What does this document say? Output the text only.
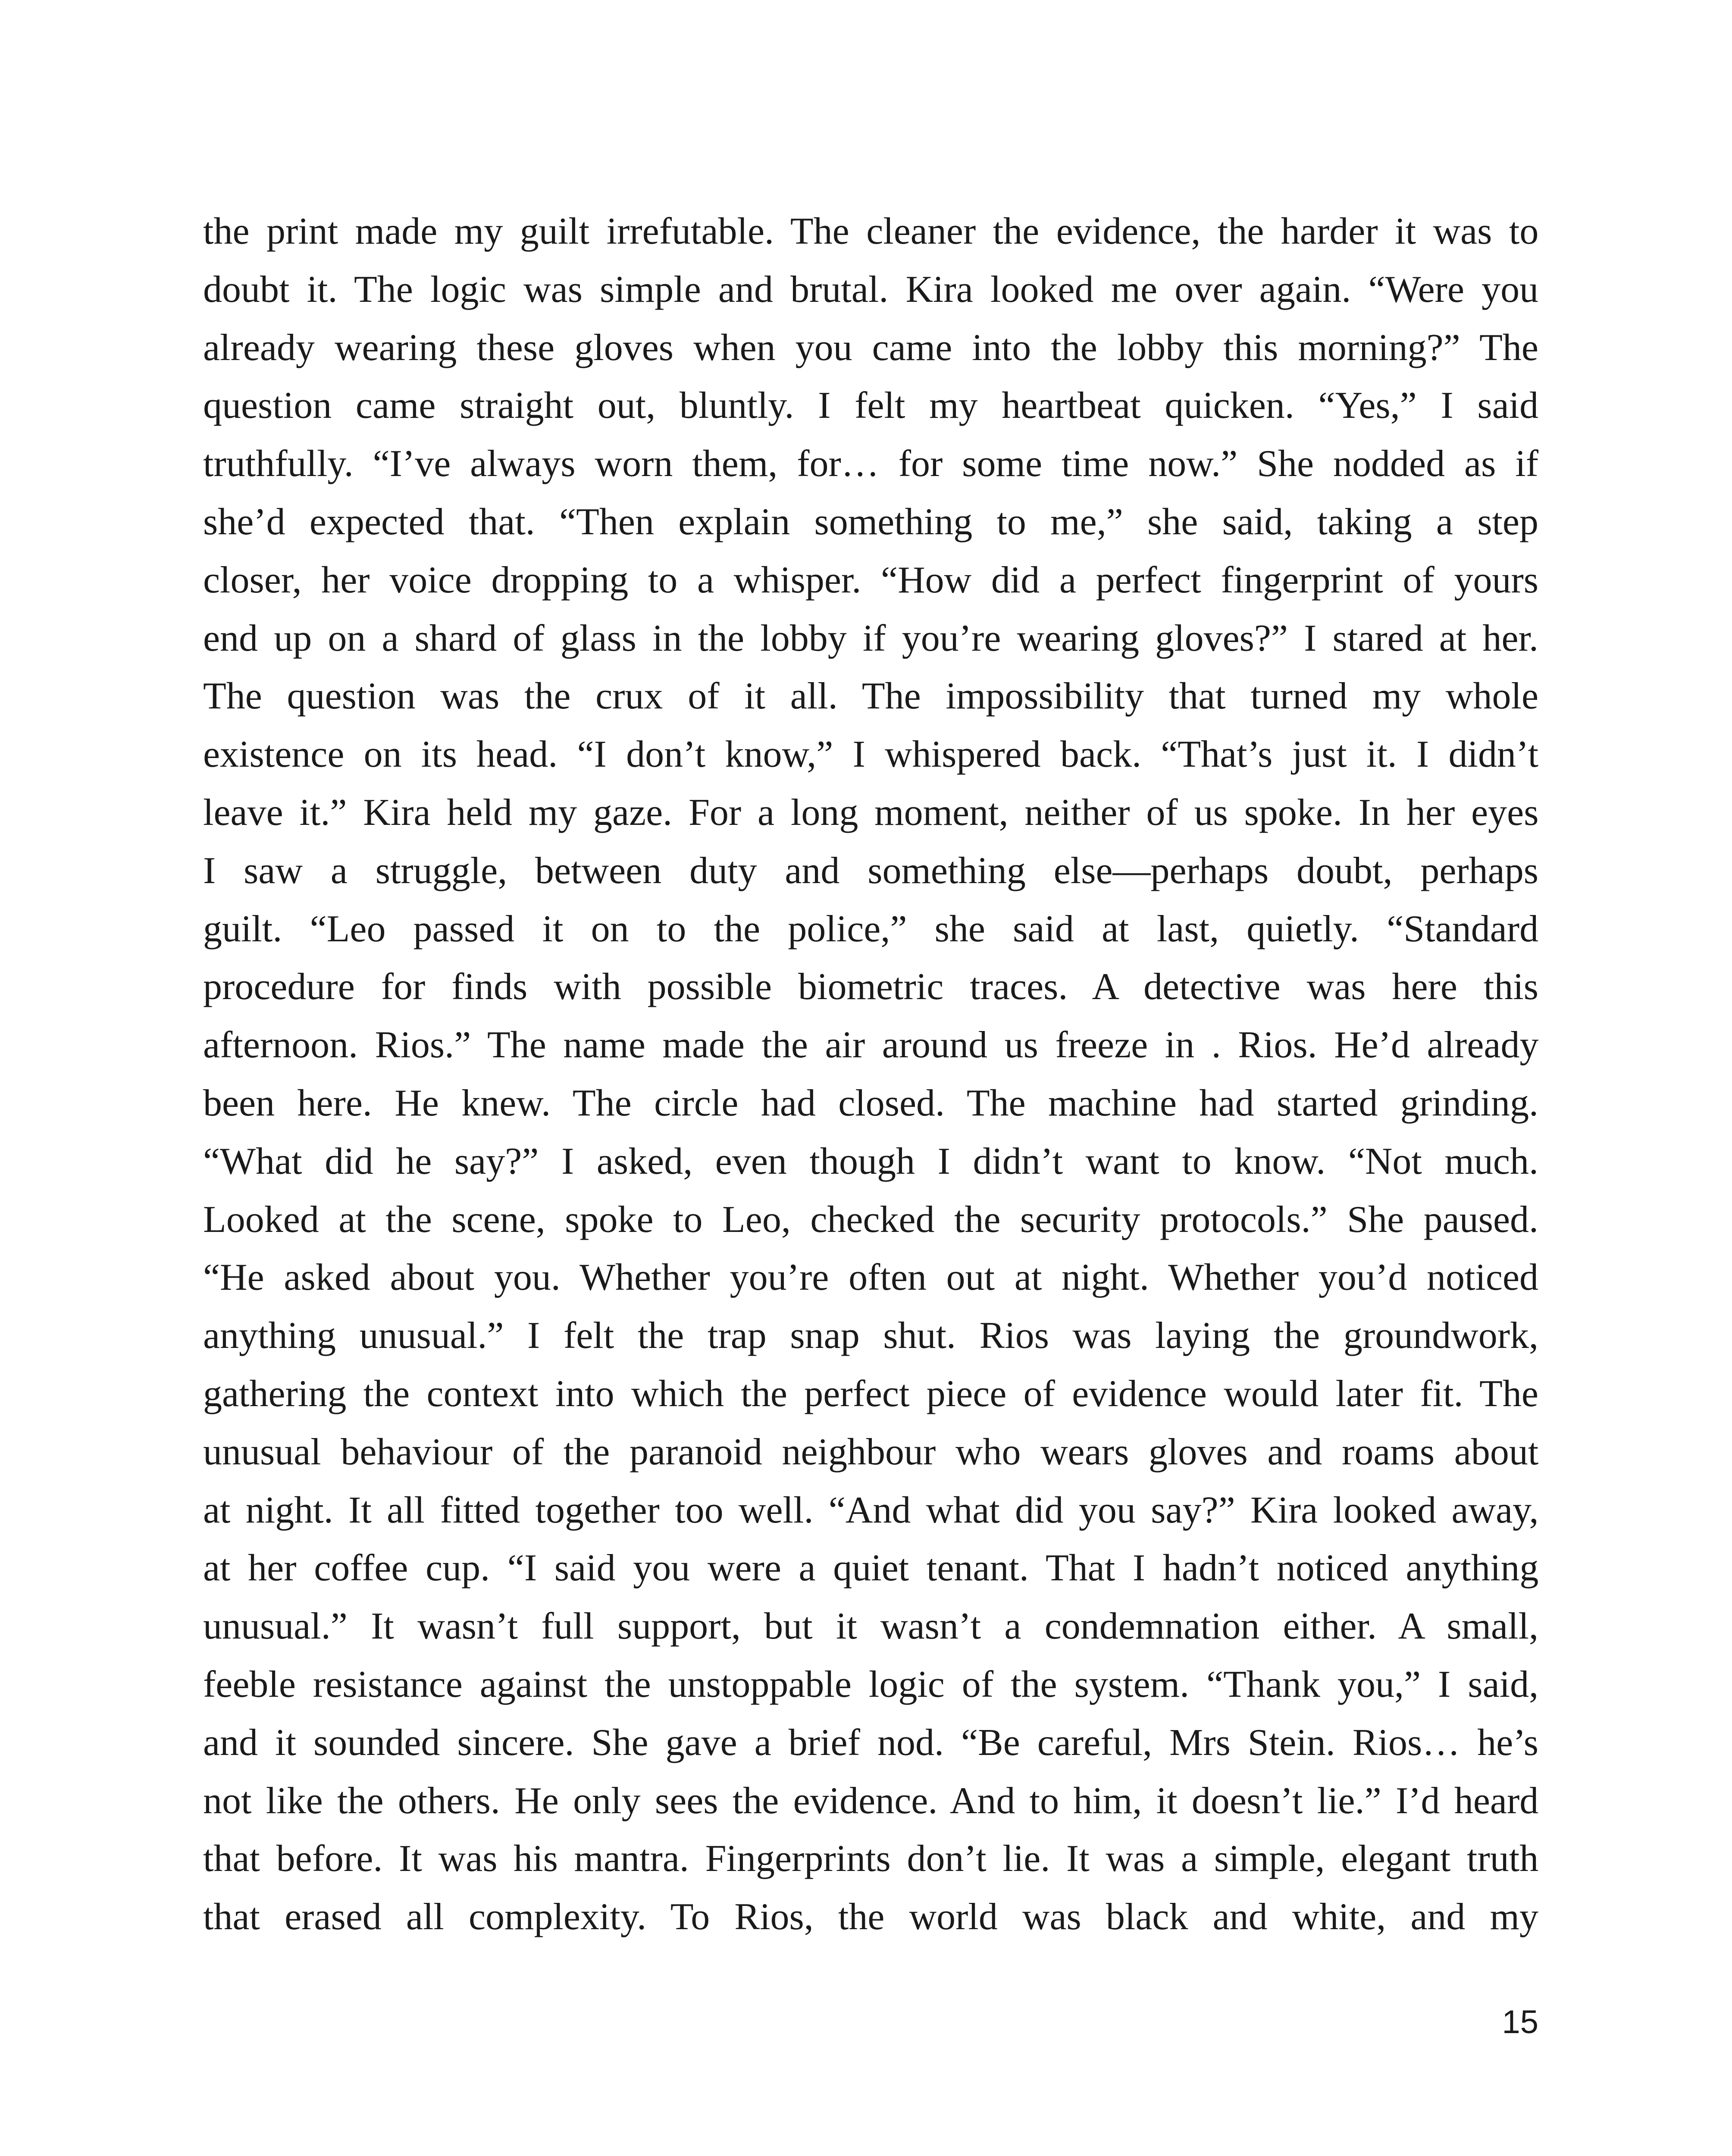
the print made my guilt irrefutable. The cleaner the evidence, the harder it was to
doubt it. The logic was simple and brutal. Kira looked me over again. “Were you
already wearing these gloves when you came into the lobby this morning?” The
question came straight out, bluntly. I felt my heartbeat quicken. “Yes,” I said
truthfully. “I’ve always worn them, for… for some time now.” She nodded as if
she’d expected that. “Then explain something to me,” she said, taking a step
closer, her voice dropping to a whisper. “How did a perfect fingerprint of yours
end up on a shard of glass in the lobby if you’re wearing gloves?” I stared at her.
The question was the crux of it all. The impossibility that turned my whole
existence on its head. “I don’t know,” I whispered back. “That’s just it. I didn’t
leave it.” Kira held my gaze. For a long moment, neither of us spoke. In her eyes
I saw a struggle, between duty and something else—perhaps doubt, perhaps
guilt. “Leo passed it on to the police,” she said at last, quietly. “Standard
procedure for finds with possible biometric traces. A detective was here this
afternoon. Rios.” The name made the air around us freeze in . Rios. He’d already
been here. He knew. The circle had closed. The machine had started grinding.
“What did he say?” I asked, even though I didn’t want to know. “Not much.
Looked at the scene, spoke to Leo, checked the security protocols.” She paused.
“He asked about you. Whether you’re often out at night. Whether you’d noticed
anything unusual.” I felt the trap snap shut. Rios was laying the groundwork,
gathering the context into which the perfect piece of evidence would later fit. The
unusual behaviour of the paranoid neighbour who wears gloves and roams about
at night. It all fitted together too well. “And what did you say?” Kira looked away,
at her coffee cup. “I said you were a quiet tenant. That I hadn’t noticed anything
unusual.” It wasn’t full support, but it wasn’t a condemnation either. A small,
feeble resistance against the unstoppable logic of the system. “Thank you,” I said,
and it sounded sincere. She gave a brief nod. “Be careful, Mrs Stein. Rios… he’s
not like the others. He only sees the evidence. And to him, it doesn’t lie.” I’d heard
that before. It was his mantra. Fingerprints don’t lie. It was a simple, elegant truth
that erased all complexity. To Rios, the world was black and white, and my

15
